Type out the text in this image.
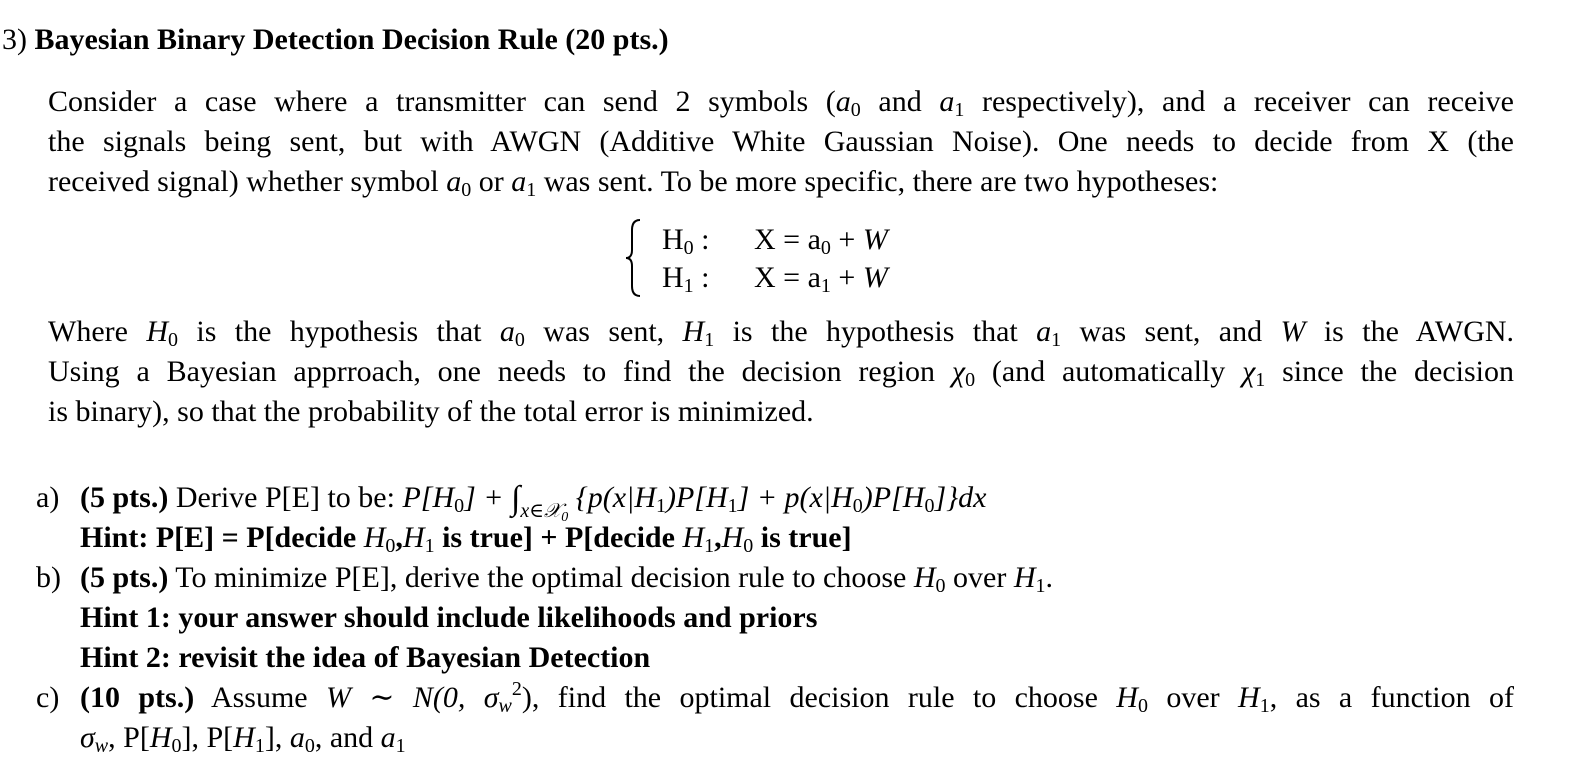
3) Bayesian Binary Detection Decision Rule (20 pts.)
Consider a case where a transmitter can send 2 symbols ($a_0$ and $a_1$ respectively), and a receiver can receive
the signals being sent, but with AWGN (Additive White Gaussian Noise). One needs to decide from X (the
received signal) whether symbol $a_0$ or $a_1$ was sent. To be more specific, there are two hypotheses:
$H_0$ : $X = a_0 + W$
$H_1$ : $X = a_1 + W$
Where $H_0$ is the hypothesis that $a_0$ was sent, $H_1$ is the hypothesis that $a_1$ was sent, and W is the AWGN.
Using a Bayesian apprroach, one needs to find the decision region $\chi_0$ (and automatically $\chi_1$ since the decision
is binary), so that the probability of the total error is minimized.
a) (5 pts.) Derive P[E] to be: $P[H_0] + \int_{x\in 𝒳0}$ $\{p(x|H_1)P[H_1] + p(x|H_0)P[H_0]\}dx$
Hint: P[E] = P[decide $H_0,H_1$ is true] + P[decide $H_1,H_0$ is true]
b) (5 pts.) To minimize P[E], derive the optimal decision rule to choose $H_0$ over $H_1$.
Hint 1: your answer should include likelihoods and priors
Hint 2: revisit the idea of Bayesian Detection
c) (10 pts.) Assume W ∼ N(0, $\sigma_w^2$), find the optimal decision rule to choose $H_0$ over $H_1$, as a function of
$\sigma_w$, $P[H_0]$, $P[H_1]$, $a_0$, and $a_1$
